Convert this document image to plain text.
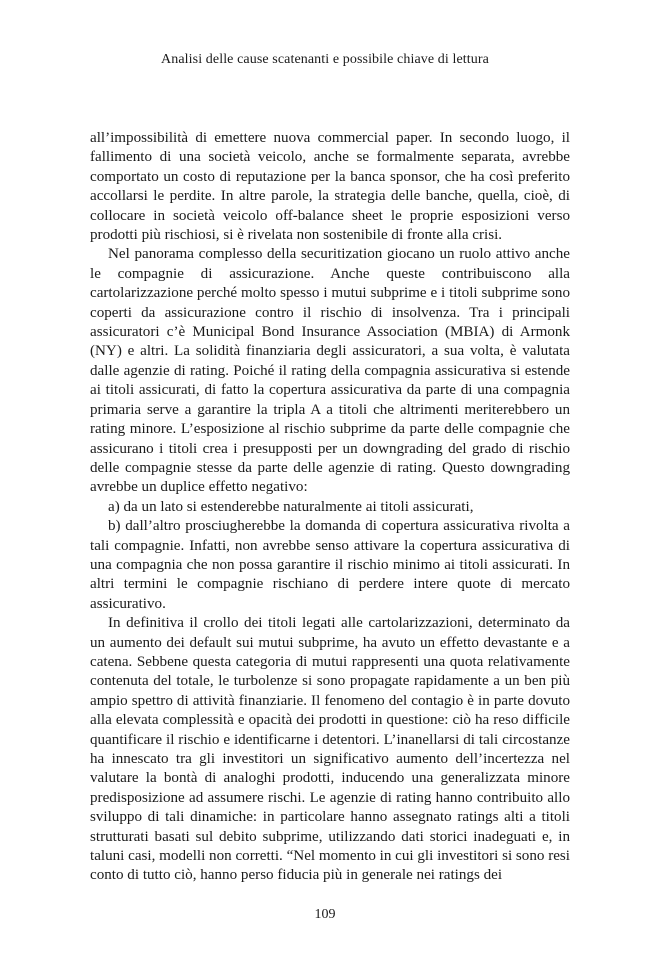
Analisi delle cause scatenanti e possibile chiave di lettura

all’impossibilità di emettere nuova commercial paper. In secondo luogo, il fallimento di una società veicolo, anche se formalmente separata, avrebbe comportato un costo di reputazione per la banca sponsor, che ha così preferito accollarsi le perdite. In altre parole, la strategia delle banche, quella, cioè, di collocare in società veicolo off-balance sheet le proprie esposizioni verso prodotti più rischiosi, si è rivelata non sostenibile di fronte alla crisi.

Nel panorama complesso della securitization giocano un ruolo attivo anche le compagnie di assicurazione. Anche queste contribuiscono alla cartolarizzazione perché molto spesso i mutui subprime e i titoli subprime sono coperti da assicurazione contro il rischio di insolvenza. Tra i principali assicuratori c’è Municipal Bond Insurance Association (MBIA) di Armonk (NY) e altri. La solidità finanziaria degli assicuratori, a sua volta, è valutata dalle agenzie di rating. Poiché il rating della compagnia assicurativa si estende ai titoli assicurati, di fatto la copertura assicurativa da parte di una compagnia primaria serve a garantire la tripla A a titoli che altrimenti meriterebbero un rating minore. L’esposizione al rischio subprime da parte delle compagnie che assicurano i titoli crea i presupposti per un downgrading del grado di rischio delle compagnie stesse da parte delle agenzie di rating. Questo downgrading avrebbe un duplice effetto negativo:

a) da un lato si estenderebbe naturalmente ai titoli assicurati,

b) dall’altro prosciugherebbe la domanda di copertura assicurativa rivolta a tali compagnie. Infatti, non avrebbe senso attivare la copertura assicurativa di una compagnia che non possa garantire il rischio minimo ai titoli assicurati. In altri termini le compagnie rischiano di perdere intere quote di mercato assicurativo.

In definitiva il crollo dei titoli legati alle cartolarizzazioni, determinato da un aumento dei default sui mutui subprime, ha avuto un effetto devastante e a catena. Sebbene questa categoria di mutui rappresenti una quota relativamente contenuta del totale, le turbolenze si sono propagate rapidamente a un ben più ampio spettro di attività finanziarie. Il fenomeno del contagio è in parte dovuto alla elevata complessità e opacità dei prodotti in questione: ciò ha reso difficile quantificare il rischio e identificarne i detentori. L’inanellarsi di tali circostanze ha innescato tra gli investitori un significativo aumento dell’incertezza nel valutare la bontà di analoghi prodotti, inducendo una generalizzata minore predisposizione ad assumere rischi. Le agenzie di rating hanno contribuito allo sviluppo di tali dinamiche: in particolare hanno assegnato ratings alti a titoli strutturati basati sul debito subprime, utilizzando dati storici inadeguati e, in taluni casi, modelli non corretti. “Nel momento in cui gli investitori si sono resi conto di tutto ciò, hanno perso fiducia più in generale nei ratings dei

109
